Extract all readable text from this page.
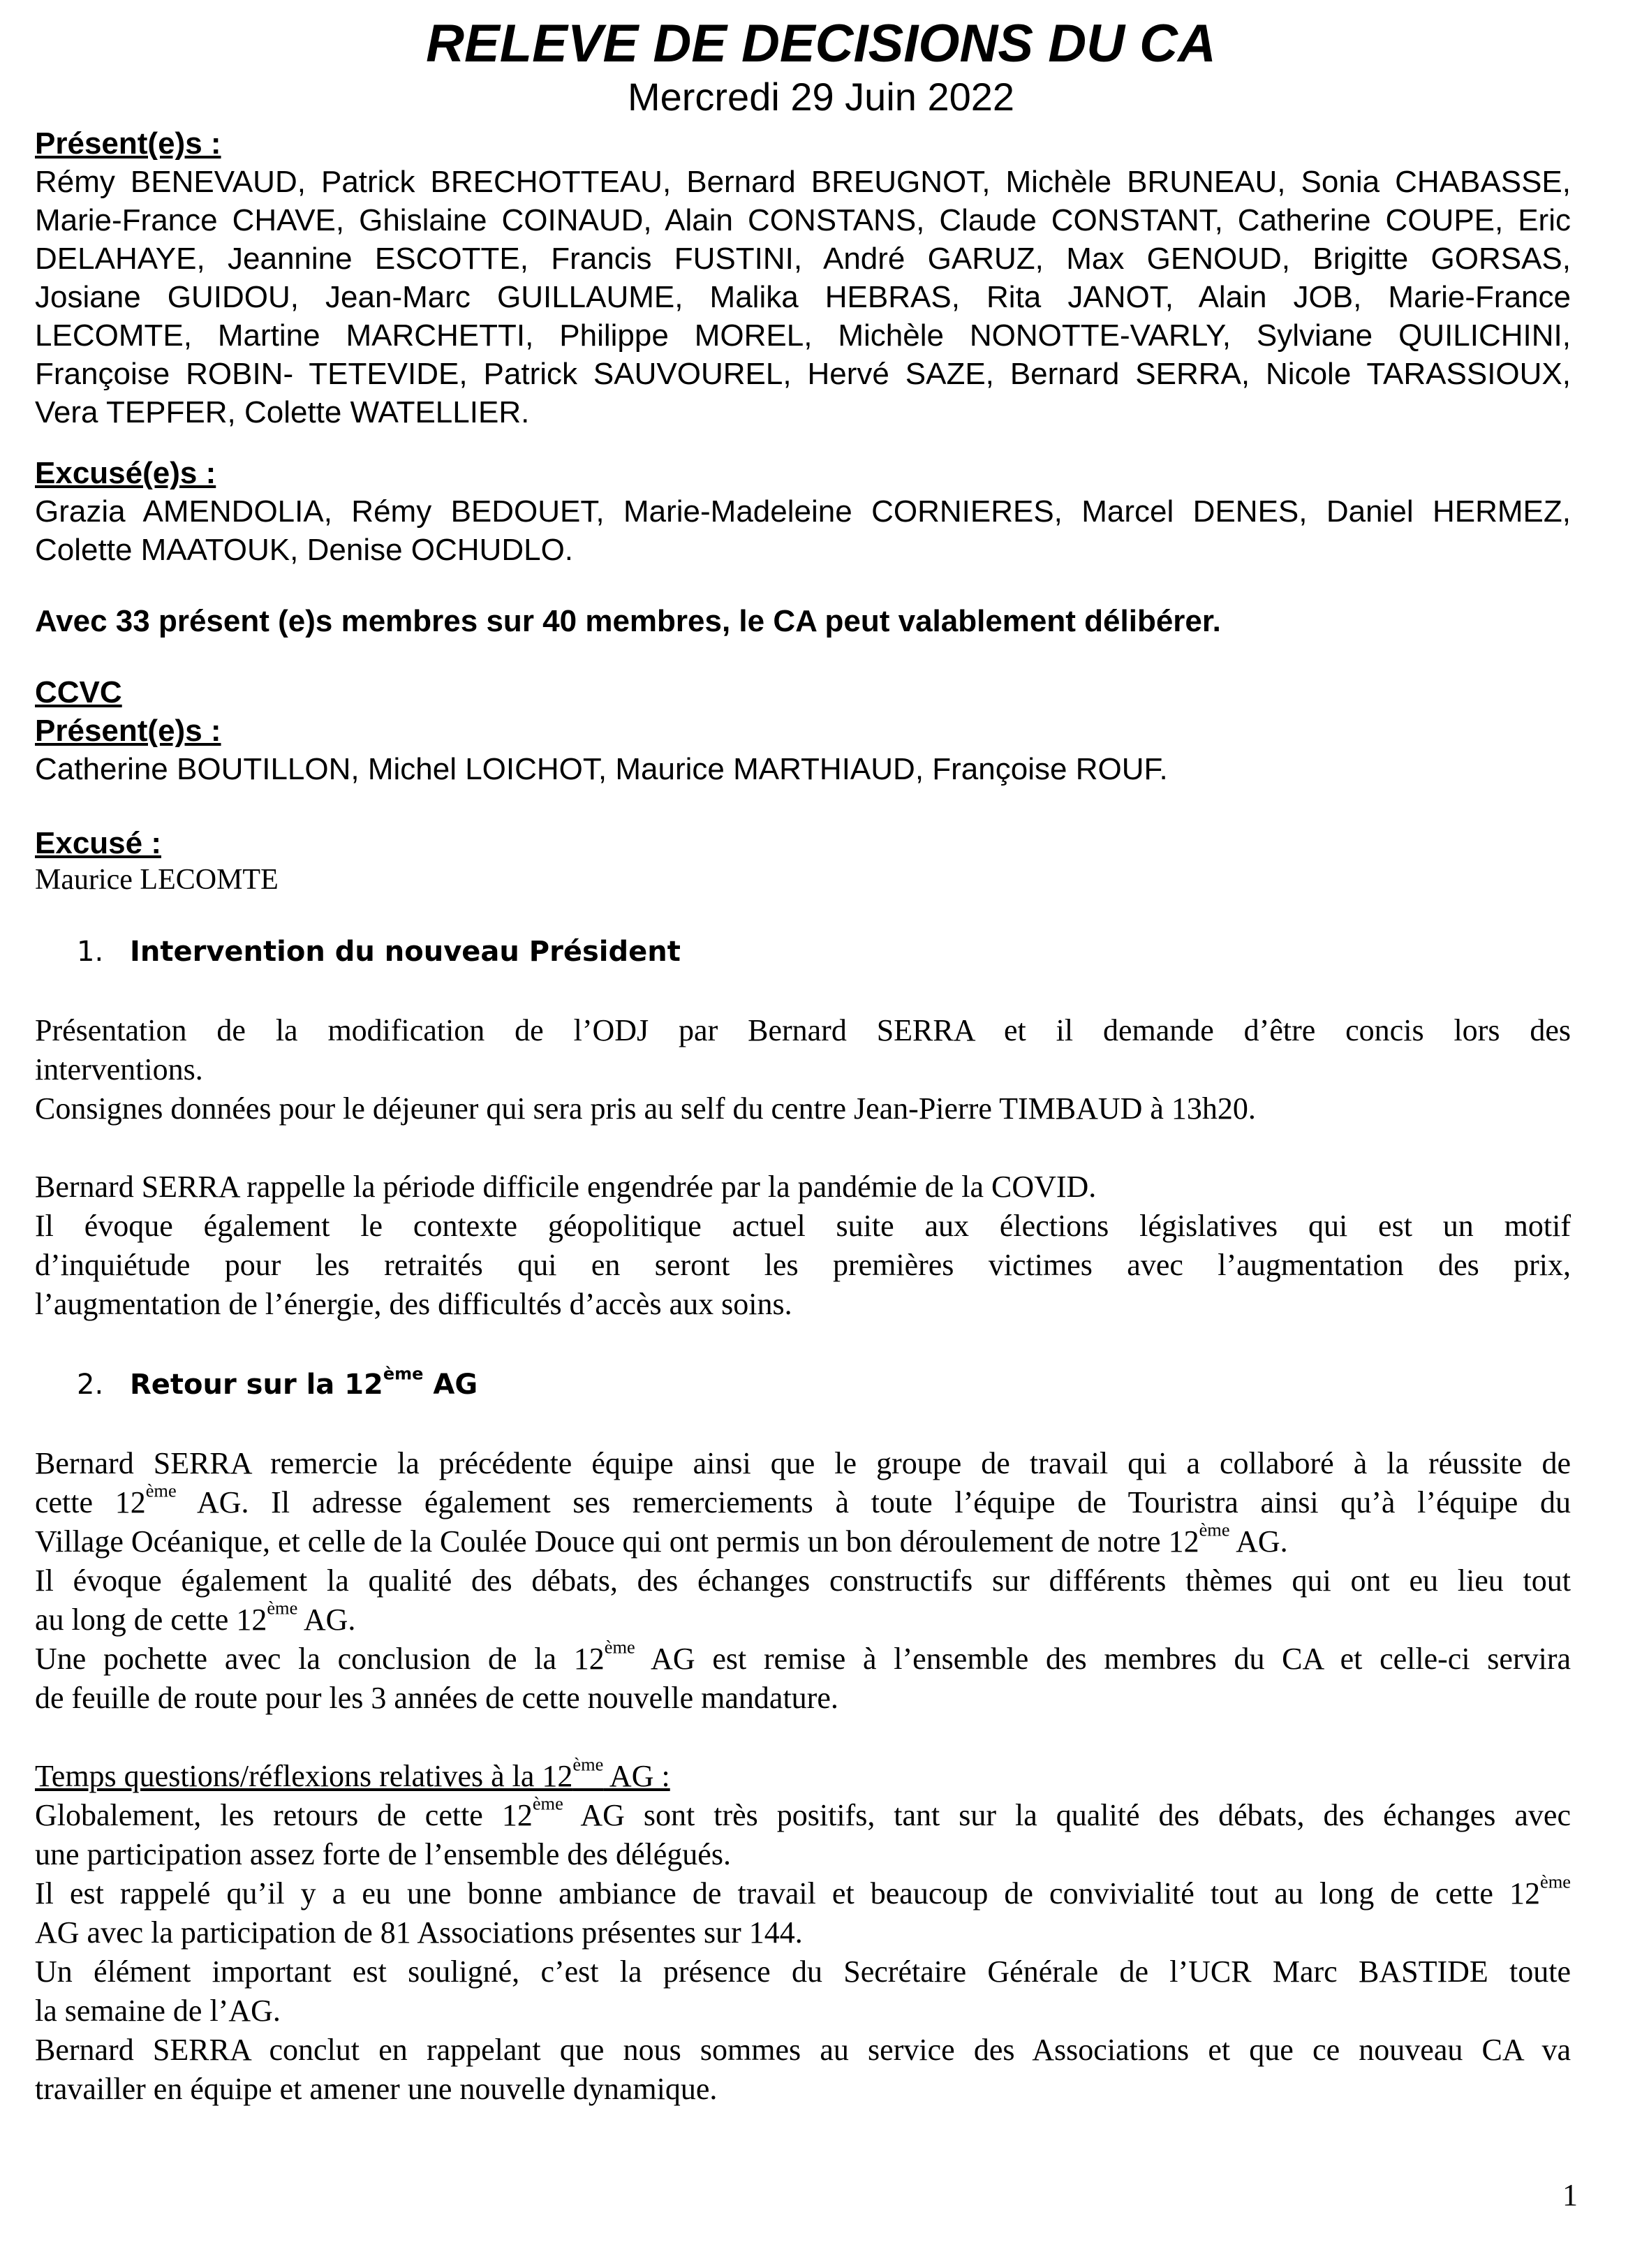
RELEVE DE DECISIONS DU CA
Mercredi 29 Juin 2022
Présent(e)s :
Rémy BENEVAUD, Patrick BRECHOTTEAU, Bernard BREUGNOT, Michèle BRUNEAU, Sonia CHABASSE,
Marie-France CHAVE, Ghislaine COINAUD, Alain CONSTANS, Claude CONSTANT, Catherine COUPE, Eric
DELAHAYE, Jeannine ESCOTTE, Francis FUSTINI, André GARUZ, Max GENOUD, Brigitte GORSAS,
Josiane GUIDOU, Jean-Marc GUILLAUME, Malika HEBRAS, Rita JANOT, Alain JOB, Marie-France
LECOMTE, Martine MARCHETTI, Philippe MOREL, Michèle NONOTTE-VARLY, Sylviane QUILICHINI,
Françoise ROBIN- TETEVIDE, Patrick SAUVOUREL, Hervé SAZE, Bernard SERRA, Nicole TARASSIOUX,
Vera TEPFER, Colette WATELLIER.
Excusé(e)s :
Grazia AMENDOLIA, Rémy BEDOUET, Marie-Madeleine CORNIERES, Marcel DENES, Daniel HERMEZ,
Colette MAATOUK, Denise OCHUDLO.
Avec 33 présent (e)s membres sur 40 membres, le CA peut valablement délibérer.
CCVC
Présent(e)s :
Catherine BOUTILLON, Michel LOICHOT, Maurice MARTHIAUD, Françoise ROUF.
Excusé :
Maurice LECOMTE
1. Intervention du nouveau Président
Présentation de la modification de l’ODJ par Bernard SERRA et il demande d’être concis lors des
interventions.
Consignes données pour le déjeuner qui sera pris au self du centre Jean-Pierre TIMBAUD à 13h20.
Bernard SERRA rappelle la période difficile engendrée par la pandémie de la COVID.
Il évoque également le contexte géopolitique actuel suite aux élections législatives qui est un motif
d’inquiétude pour les retraités qui en seront les premières victimes avec l’augmentation des prix,
l’augmentation de l’énergie, des difficultés d’accès aux soins.
2. Retour sur la 12ème AG
Bernard SERRA remercie la précédente équipe ainsi que le groupe de travail qui a collaboré à la réussite de
cette 12ème AG. Il adresse également ses remerciements à toute l’équipe de Touristra ainsi qu’à l’équipe du
Village Océanique, et celle de la Coulée Douce qui ont permis un bon déroulement de notre 12ème AG.
Il évoque également la qualité des débats, des échanges constructifs sur différents thèmes qui ont eu lieu tout
au long de cette 12ème AG.
Une pochette avec la conclusion de la 12ème AG est remise à l’ensemble des membres du CA et celle-ci servira
de feuille de route pour les 3 années de cette nouvelle mandature.
Temps questions/réflexions relatives à la 12ème AG :
Globalement, les retours de cette 12ème AG sont très positifs, tant sur la qualité des débats, des échanges avec
une participation assez forte de l’ensemble des délégués.
Il est rappelé qu’il y a eu une bonne ambiance de travail et beaucoup de convivialité tout au long de cette 12ème
AG avec la participation de 81 Associations présentes sur 144.
Un élément important est souligné, c’est la présence du Secrétaire Générale de l’UCR Marc BASTIDE toute
la semaine de l’AG.
Bernard SERRA conclut en rappelant que nous sommes au service des Associations et que ce nouveau CA va
travailler en équipe et amener une nouvelle dynamique.
1
